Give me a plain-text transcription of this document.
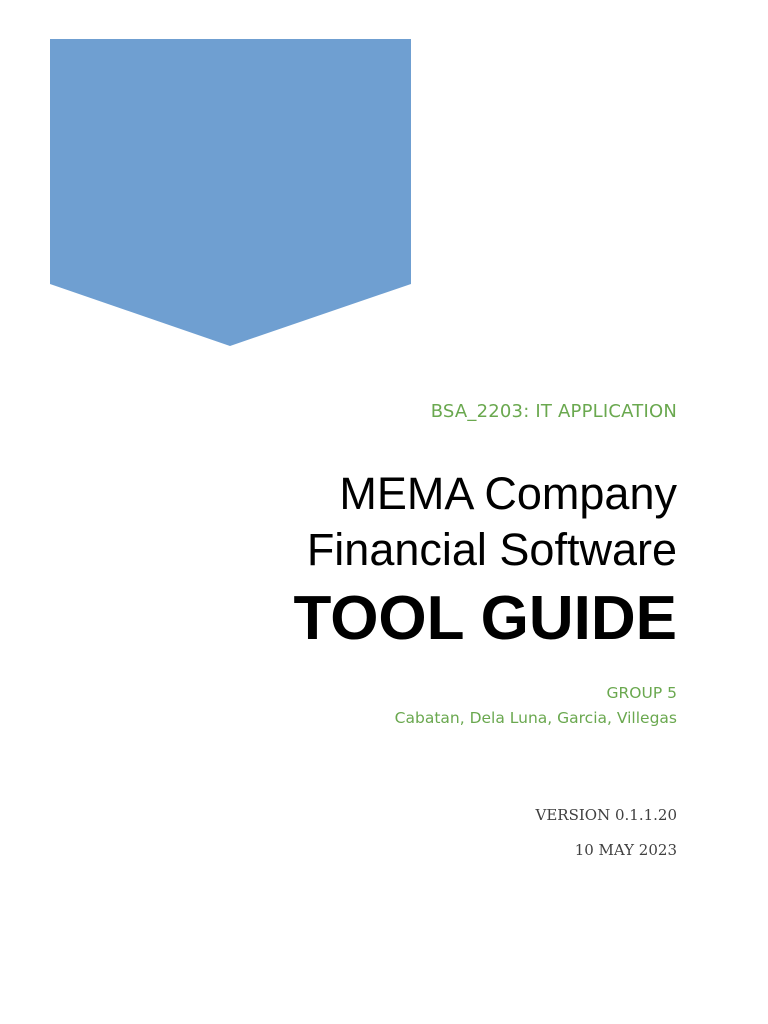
BSA_2203: IT APPLICATION
MEMA Company
Financial Software
TOOL GUIDE
GROUP 5
Cabatan, Dela Luna, Garcia, Villegas
VERSION 0.1.1.20
10 MAY 2023
